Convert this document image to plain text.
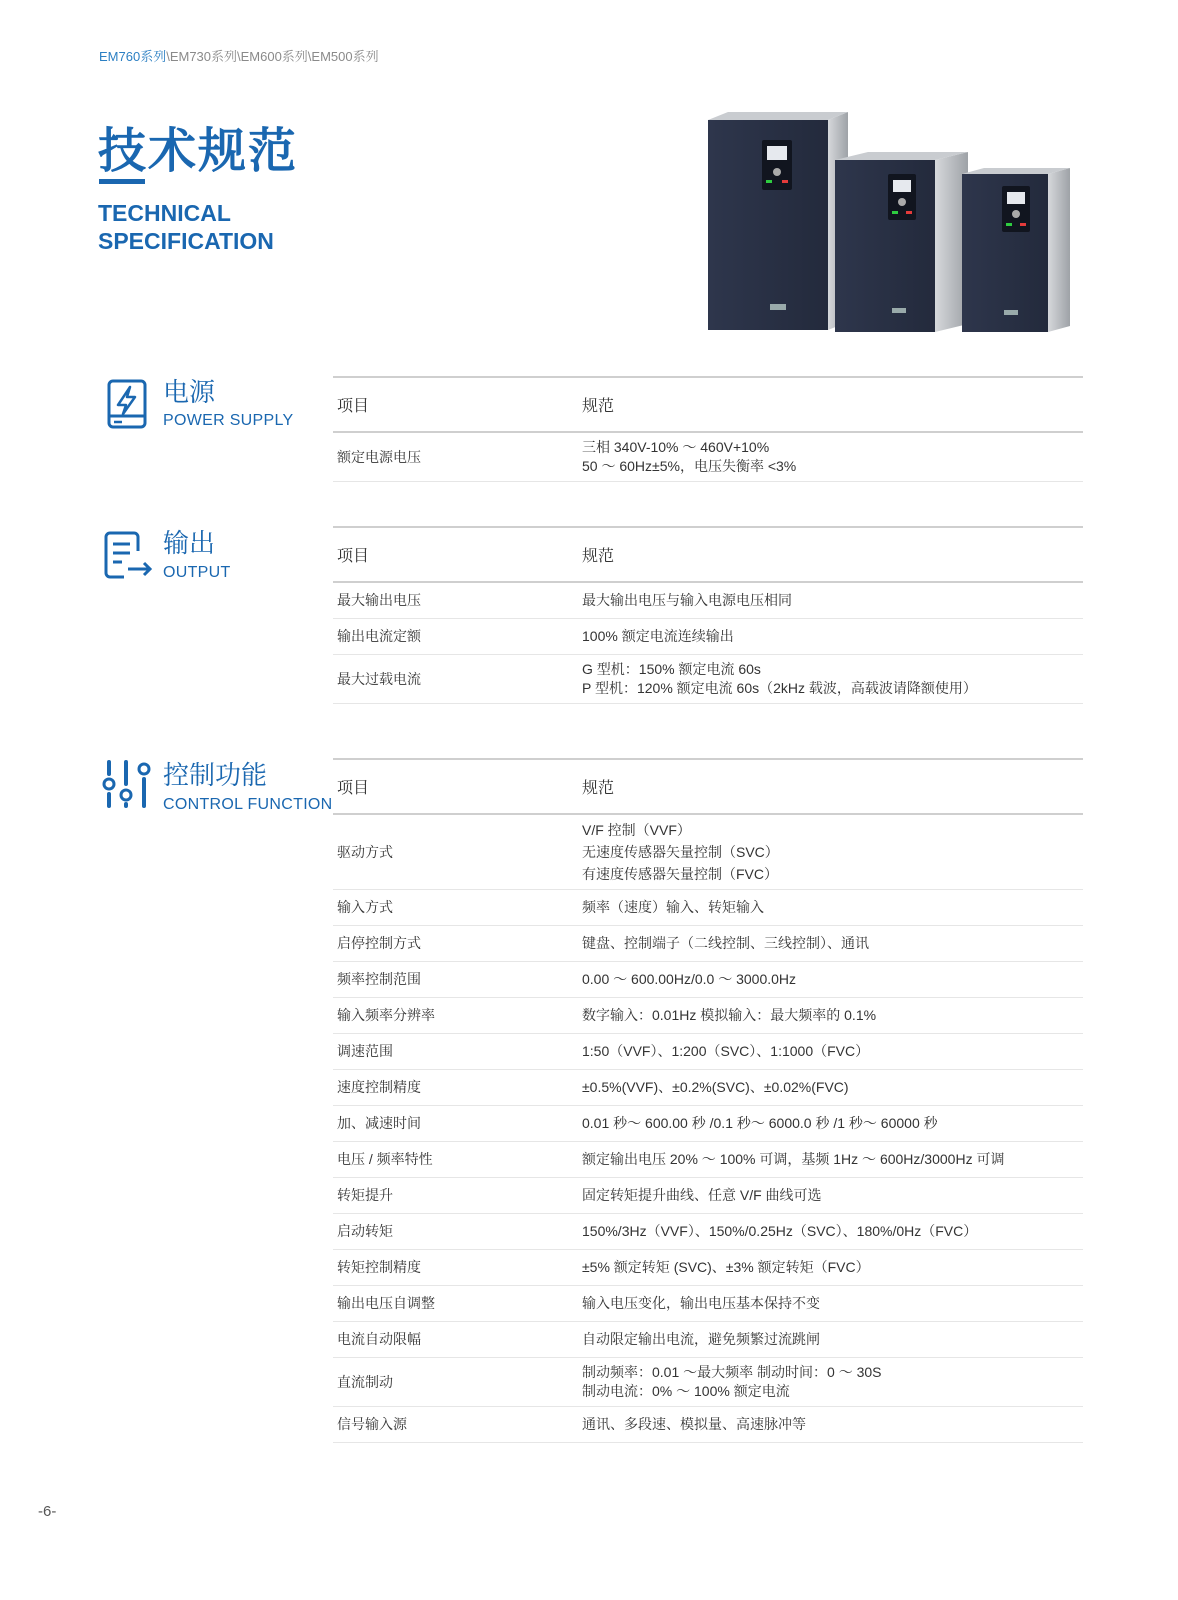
EM760系列\EM730系列\EM600系列\EM500系列
技术规范
TECHNICAL
SPECIFICATION
电源
POWER SUPPLY
项目	规范
额定电源电压	三相 340V-10% ～ 460V+10%
50 ～ 60Hz±5%，电压失衡率 <3%
输出
OUTPUT
项目	规范
最大输出电压	最大输出电压与输入电源电压相同
输出电流定额	100% 额定电流连续输出
最大过载电流	G 型机：150% 额定电流 60s
P 型机：120% 额定电流 60s（2kHz 载波，高载波请降额使用）
控制功能
CONTROL FUNCTION
项目	规范
驱动方式	V/F 控制（VVF）
无速度传感器矢量控制（SVC）
有速度传感器矢量控制（FVC）
输入方式	频率（速度）输入、转矩输入
启停控制方式	键盘、控制端子（二线控制、三线控制）、通讯
频率控制范围	0.00 ～ 600.00Hz/0.0 ～ 3000.0Hz
输入频率分辨率	数字输入：0.01Hz 模拟输入：最大频率的 0.1%
调速范围	1:50（VVF）、1:200（SVC）、1:1000（FVC）
速度控制精度	±0.5%(VVF)、±0.2%(SVC)、±0.02%(FVC)
加、减速时间	0.01 秒～ 600.00 秒 /0.1 秒～ 6000.0 秒 /1 秒～ 60000 秒
电压 / 频率特性	额定输出电压 20% ～ 100% 可调，基频 1Hz ～ 600Hz/3000Hz 可调
转矩提升	固定转矩提升曲线、任意 V/F 曲线可选
启动转矩	150%/3Hz（VVF）、150%/0.25Hz（SVC）、180%/0Hz（FVC）
转矩控制精度	±5% 额定转矩 (SVC)、±3% 额定转矩（FVC）
输出电压自调整	输入电压变化，输出电压基本保持不变
电流自动限幅	自动限定输出电流，避免频繁过流跳闸
直流制动	制动频率：0.01 ～最大频率 制动时间：0 ～ 30S
制动电流：0% ～ 100% 额定电流
信号输入源	通讯、多段速、模拟量、高速脉冲等
-6-
